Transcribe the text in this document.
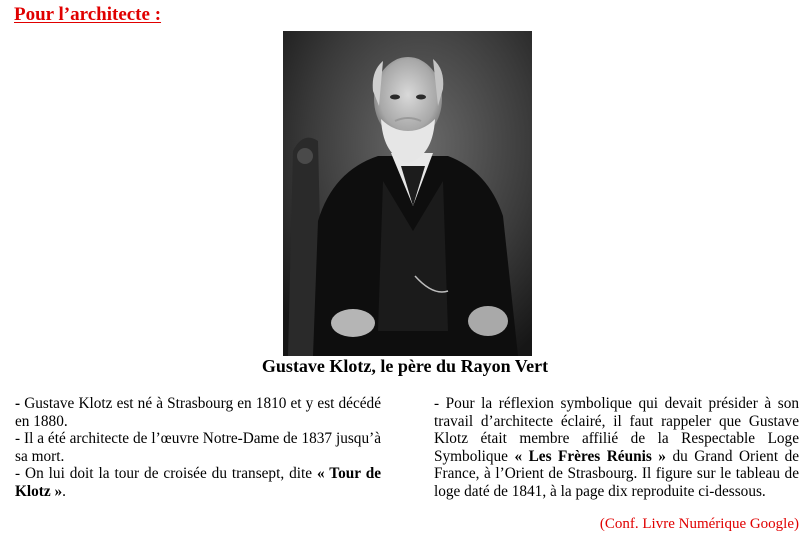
Pour l’architecte :
Gustave Klotz, le père du Rayon Vert

- Gustave Klotz est né à Strasbourg en 1810 et y est décédé en 1880.

- Il a été architecte de l’œuvre Notre-Dame de 1837 jusqu’à sa mort.

- On lui doit la tour de croisée du transept, dite « Tour de Klotz ».

- Pour la réflexion symbolique qui devait présider à son travail d’architecte éclairé, il faut rappeler que Gustave Klotz était membre affilié de la Respectable Loge Symbolique « Les Frères Réunis » du Grand Orient de France, à l’Orient de Strasbourg. Il figure sur le tableau de loge daté de 1841, à la page dix reproduite ci-dessous.

(Conf. Livre Numérique Google)
